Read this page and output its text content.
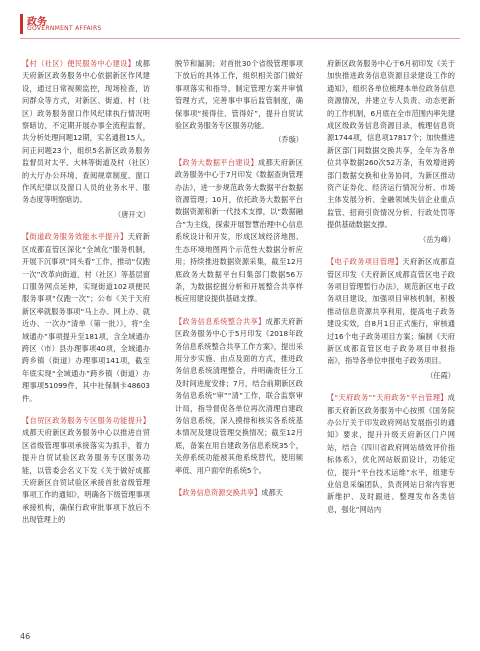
政务
GOVERNMENT AFFAIRS

【村（社区）便民服务中心建设】成都天府新区政务服务中心依据新区作风建设，通过日常视频监控，现场检查，访问群众等方式，对新区、街道、村（社区）政务服务窗口作风纪律执行情况明察暗访，不定期开展办事全流程监督，共分析处理问题12期，实名通报15人，问正问题23个，组织5名新区政务服务监督员对太平、大林等街道及村（社区）的大厅办公环境、查阅规章制度、窗口作风纪律以及窗口人员的业务水平、服务态度等明察暗访。

（唐开文）

【街道政务服务效能水平提升】天府新区成都直管区深化“全域化”服务机制，开展下沉事项“同头看”工作，推动“仅跑一次”改革向街道、村（社区）等基层窗口服务网点延伸，实现街道102项便民服务事项“仅跑一次”；公布《关于天府新区率就服务事项“马上办、网上办、就近办、一次办”清单（第一批）》，将“全域通办”事项提升至181项，含全域通办跨区（市）县办理事项40项，全域通办跨乡镇（街道）办理事项141项，截至年底实现“全域通办”跨乡镇（街道）办理事项51099件，其中社保制卡48603件。

【自贸区政务服务专区服务功能提升】成都天府新区政务服务中心以推进自贸区省级管理事项承接落实为抓手，着力提升自贸试验区政务服务专区服务功能，以管委会名义下发《关于做好成都天府新区自贸试验区承接首批省级管理事项工作的通知》，明确各下级管理事项承接机构，确保行政审批事项下放后不出现管理上的

脱节和漏洞；对首批30个省级管理事项下放后的具体工作，组织相关部门做好事项落实和指导，制定管理方案并审慎管理方式，完善事中事后监管制度，确保事项“接得住、管得好”，提升自贸试验区政务服务专区服务功能。

（乔璇）

【政务大数据平台建设】成都天府新区政务服务中心于7月印发《数据查询管理办法》，进一步规范政务大数据平台数据资源管理；10月，依托政务大数据平台数据资源和新一代技术支撑，以“数据融合”为主线，探索开展智慧治理中心信息系统设计和开发，形成区域经济地图、生态环境地图两个示范性大数据分析应用；持续推进数据资源采集，截至12月底政务大数据平台归集部门数据56万条，为数据挖掘分析和开展整合共享样板应用建设提供基础支撑。

【政务信息系统整合共享】成都天府新区政务服务中心于5月印发《2018年政务信息系统整合共享工作方案》，提出采用分步实施、由点及面的方式，推进政务信息系统清理整合，并明确责任分工及时间进度安排；7月，结合前期新区政务信息系统“审”“清”工作，联合监察审计局，指导督促各单位再次清理自建政务信息系统，深入摸排和核实各系统基本情况及建设管理交换情况；截至12月底，备案在用自建政务信息系统35个，关停系统功能被其他系统替代，使用频率低、用户面窄的系统5个。

【政务信息资源交换共享】成都天

府新区政务服务中心于6月初印发《关于加快推进政务信息资源目录建设工作的通知》，组织各单位梳理本单位政务信息资源情况，并建立专人负责、动态更新的工作机制，6月底在全市范围内率先建成区级政务信息资源目录，梳理信息资源1744项，信息项17817个；加快推进新区部门间数据交换共享，全年为各单位共享数据260次52万条，有效增进跨部门数据交换和业务协同，为新区推动资产证券化、经济运行情况分析、市场主体发展分析、金融领域失信企业重点监管、招商引资情况分析、行政处罚等提供基础数据支撑。

（岳为峰）

【电子政务项目管理】天府新区成都直管区印发《天府新区成都直管区电子政务项目管理暂行办法》，规范新区电子政务项目建设，加强项目审核机制，积极推动信息资源共享利用，提高电子政务建设实效，自8月1日正式施行，审核通过16个电子政务项目方案；编制《天府新区成都直管区电子政务项目申报指南》，指导各单位申报电子政务项目。

（任霞）

【“天府政务”“天府政务”平台管理】成都天府新区政务服务中心按照《国务院办公厅关于印发政府网站发展指引的通知》要求，提升升级天府新区门户网站，结合《四川省政府网站绩效评价指标体系》，优化网站版面设计，功能定位，提升“平台技术运维”水平，组建专业信息采编团队，负责网站日常内容更新维护、及时跟进、整理发布各类信息，强化“网站内

46
